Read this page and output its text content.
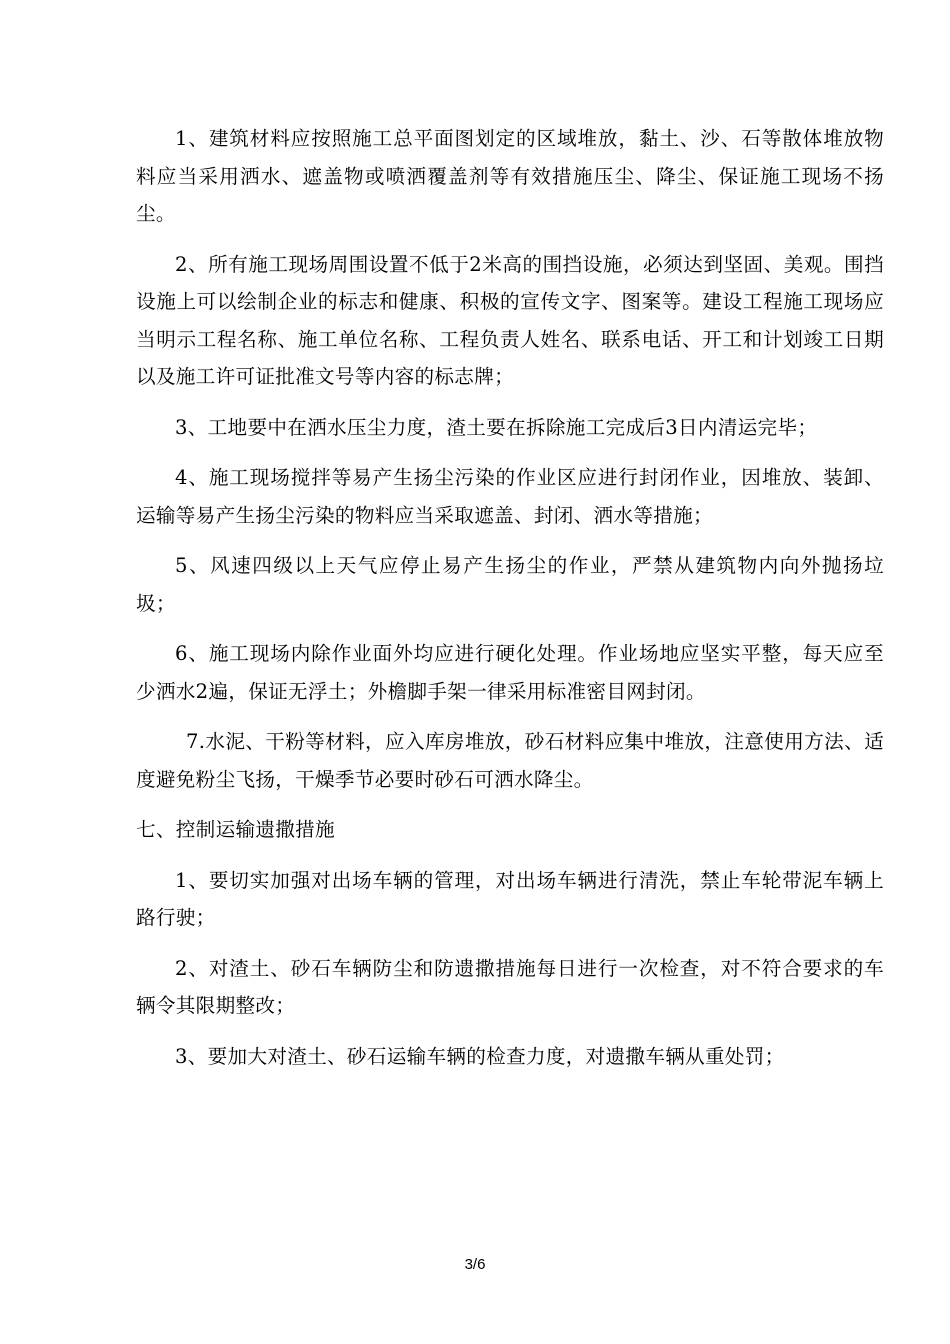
1、建筑材料应按照施工总平面图划定的区域堆放，黏土、沙、石等散体堆放物料应当采用洒水、遮盖物或喷洒覆盖剂等有效措施压尘、降尘、保证施工现场不扬尘。

2、所有施工现场周围设置不低于2米高的围挡设施，必须达到坚固、美观。围挡设施上可以绘制企业的标志和健康、积极的宣传文字、图案等。建设工程施工现场应当明示工程名称、施工单位名称、工程负责人姓名、联系电话、开工和计划竣工日期以及施工许可证批准文号等内容的标志牌；

3、工地要中在洒水压尘力度，渣土要在拆除施工完成后3日内清运完毕；

4、施工现场搅拌等易产生扬尘污染的作业区应进行封闭作业，因堆放、装卸、运输等易产生扬尘污染的物料应当采取遮盖、封闭、洒水等措施；

5、风速四级以上天气应停止易产生扬尘的作业，严禁从建筑物内向外抛扬垃圾；

6、施工现场内除作业面外均应进行硬化处理。作业场地应坚实平整，每天应至少洒水2遍，保证无浮土；外檐脚手架一律采用标准密目网封闭。

7.水泥、干粉等材料，应入库房堆放，砂石材料应集中堆放，注意使用方法、适度避免粉尘飞扬，干燥季节必要时砂石可洒水降尘。

七、控制运输遗撒措施

1、要切实加强对出场车辆的管理，对出场车辆进行清洗，禁止车轮带泥车辆上路行驶；

2、对渣土、砂石车辆防尘和防遗撒措施每日进行一次检查，对不符合要求的车辆令其限期整改；

3、要加大对渣土、砂石运输车辆的检查力度，对遗撒车辆从重处罚；

3/6
